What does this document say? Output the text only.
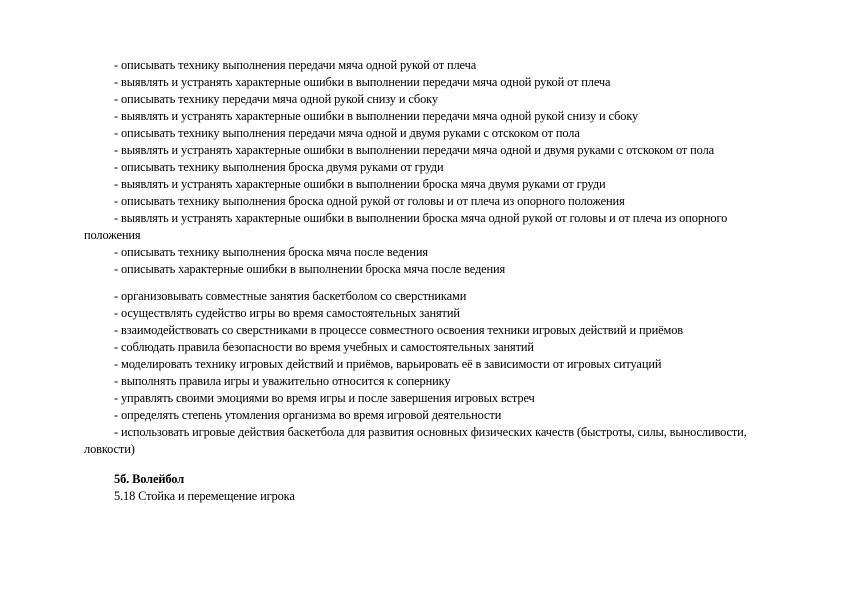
- описывать технику выполнения передачи мяча одной рукой от плеча
- выявлять и устранять характерные ошибки в выполнении передачи мяча одной рукой от плеча
- описывать технику передачи мяча одной рукой снизу и сбоку
- выявлять и устранять характерные ошибки в выполнении передачи мяча одной рукой снизу и сбоку
- описывать технику выполнения передачи мяча одной и двумя руками с отскоком от пола
- выявлять и устранять характерные ошибки в выполнении передачи мяча одной и двумя руками с отскоком от пола
- описывать технику выполнения броска двумя руками от груди
- выявлять и устранять характерные ошибки в выполнении броска мяча двумя руками от груди
- описывать технику выполнения броска одной рукой от головы и от плеча из опорного положения
- выявлять и устранять характерные ошибки в выполнении броска мяча одной рукой от головы и от плеча из опорного положения
- описывать технику выполнения броска мяча после ведения
- описывать характерные ошибки в выполнении броска мяча после ведения
- организовывать совместные занятия баскетболом со сверстниками
- осуществлять судейство игры во время самостоятельных занятий
- взаимодействовать со сверстниками в процессе совместного освоения техники игровых действий и приёмов
- соблюдать правила безопасности во время учебных и самостоятельных занятий
- моделировать технику игровых действий и приёмов, варьировать её в зависимости от игровых ситуаций
- выполнять правила игры и уважительно относится к сопернику
- управлять своими эмоциями во время игры и после завершения игровых встреч
- определять степень утомления организма во время игровой деятельности
- использовать игровые действия баскетбола для развития основных физических качеств (быстроты, силы, выносливости, ловкости)
5б. Волейбол
5.18 Стойка и перемещение игрока
